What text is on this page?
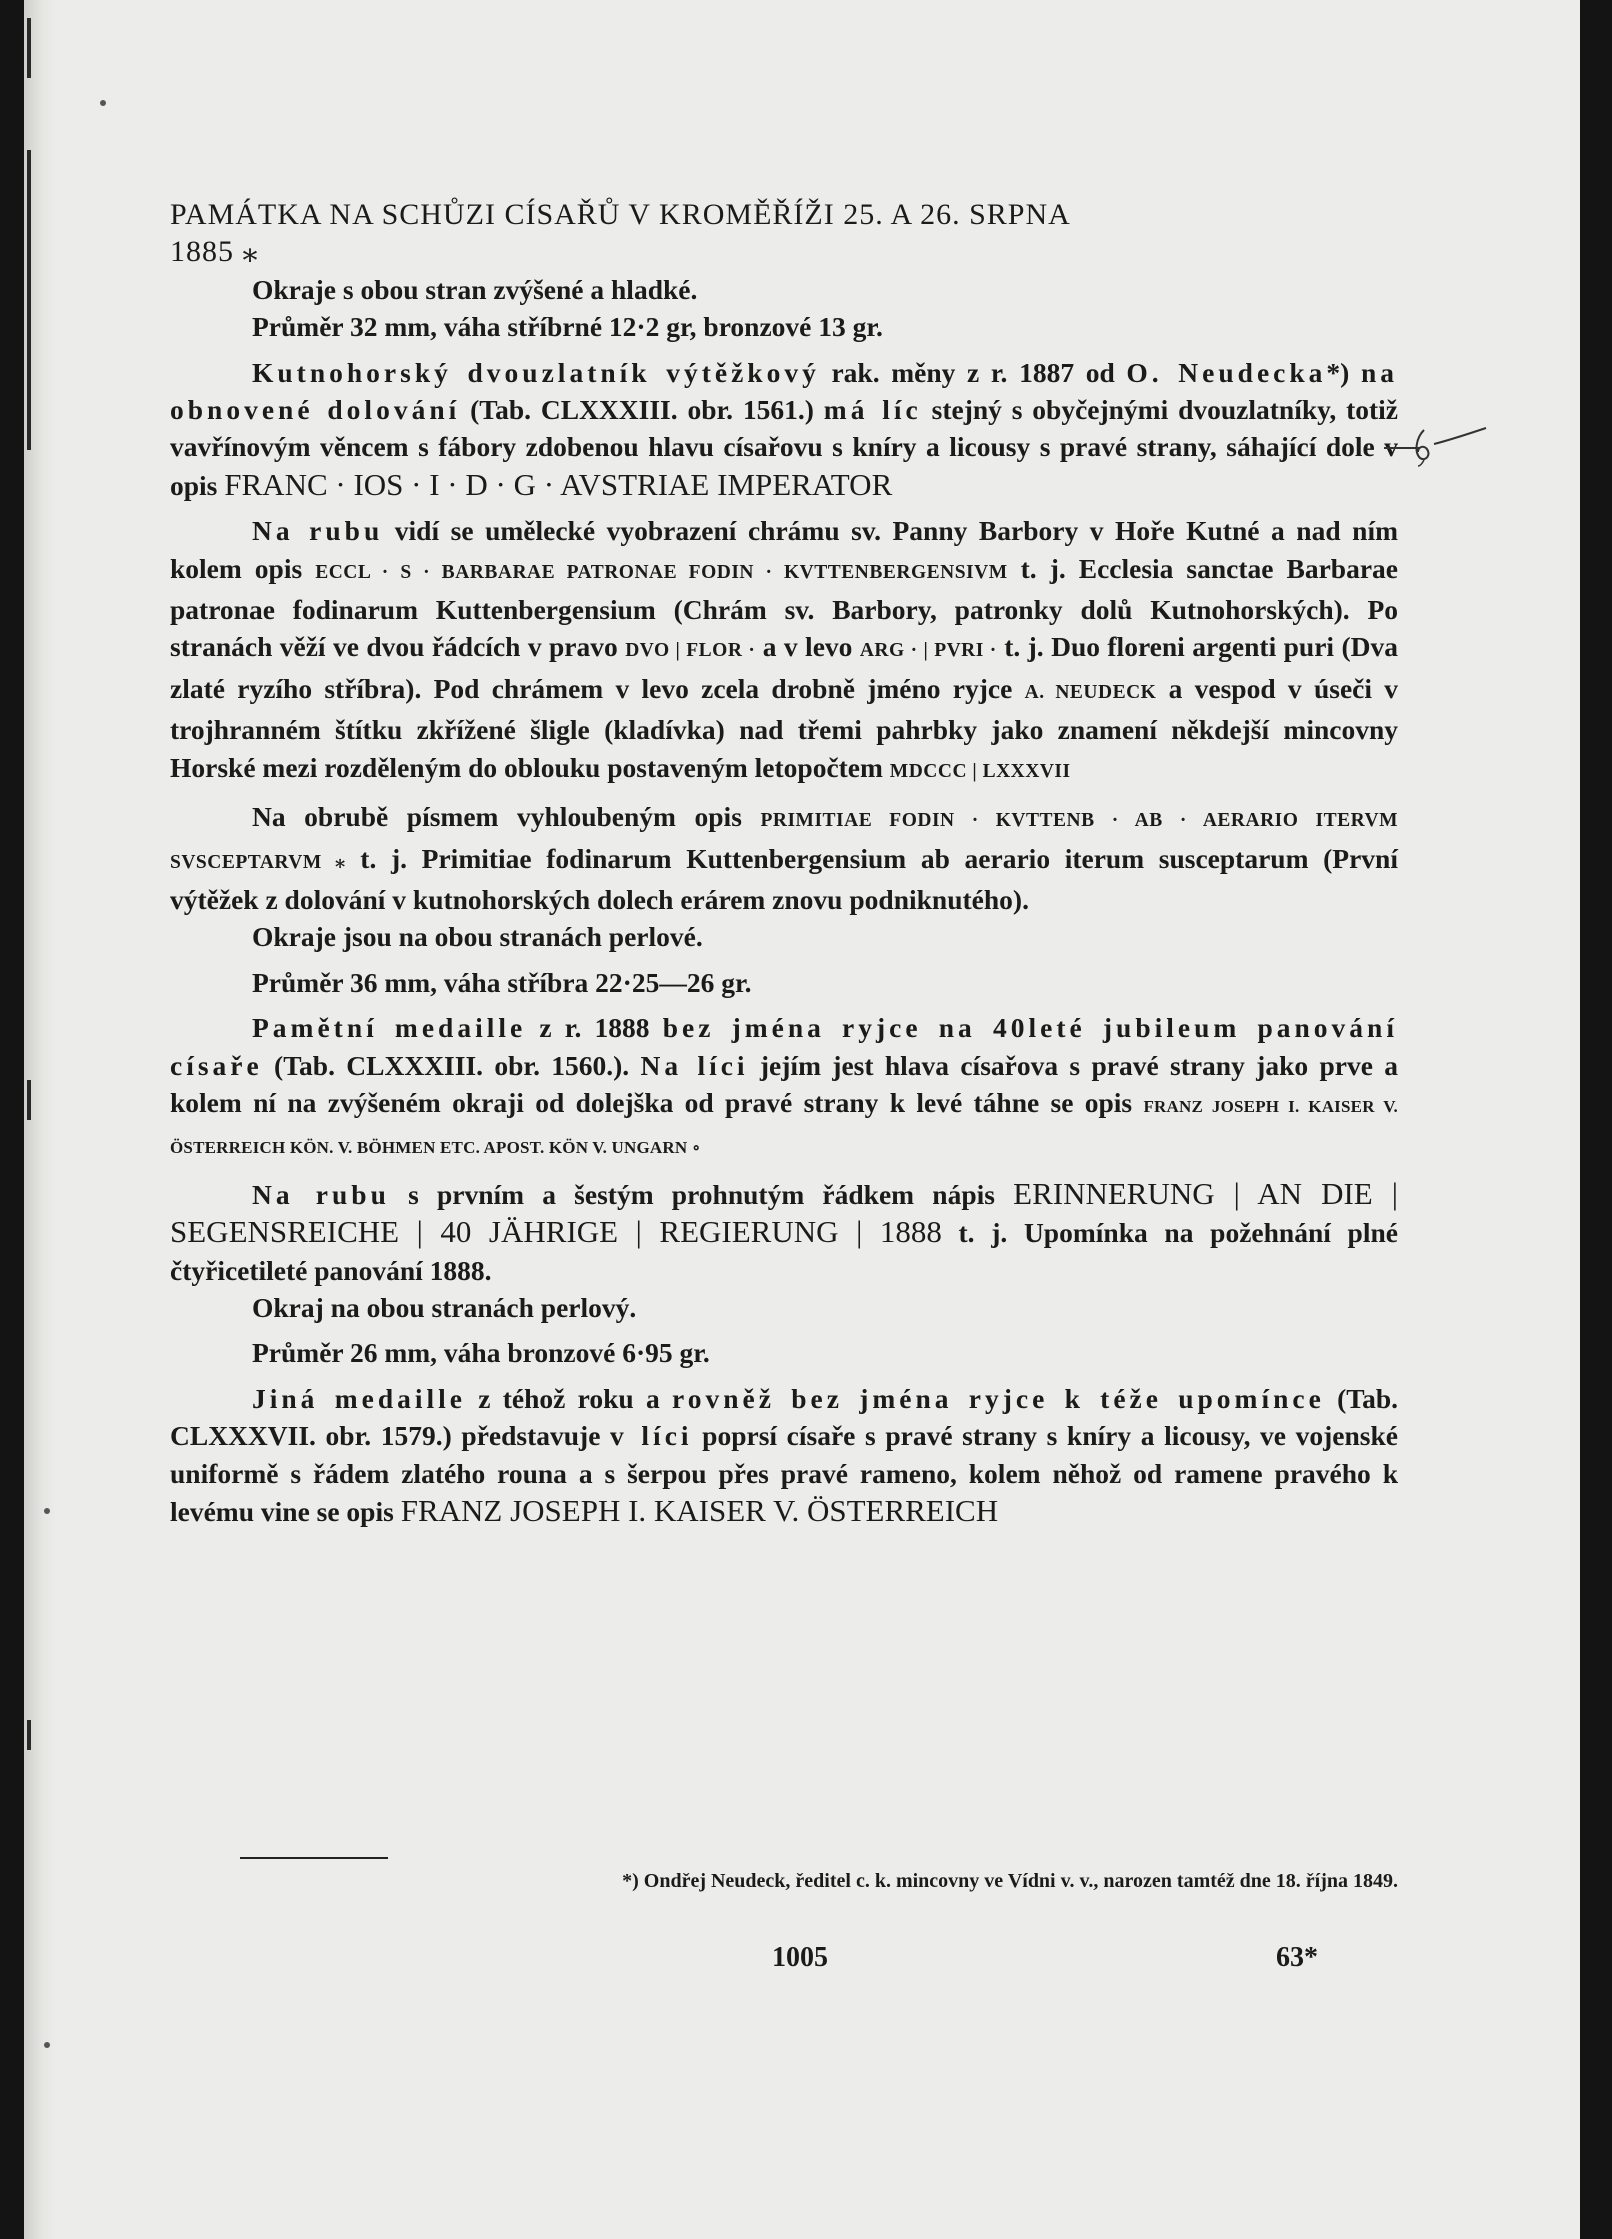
PAMÁTKA NA SCHŮZI CÍSAŘŮ V KROMĚŘÍŽI 25. A 26. SRPNA
1885 ⁎

Okraje s obou stran zvýšené a hladké.

Průměr 32 mm, váha stříbrné 12·2 gr, bronzové 13 gr.

Kutnohorský dvouzlatník výtěžkový rak. měny z r. 1887 od O. Neudecka*) na obnovené dolování (Tab. CLXXXIII. obr. 1561.) má líc stejný s obyčejnými dvouzlatníky, totiž vavřínovým věncem s fábory zdobenou hlavu císařovu s kníry a licousy s pravé strany, sáhající dole v opis FRANC · IOS · I · D · G · AVSTRIAE IMPERATOR

Na rubu vidí se umělecké vyobrazení chrámu sv. Panny Barbory v Hoře Kutné a nad ním kolem opis ECCL · S · BARBARAE PATRONAE FODIN · KVTTENBERGENSIVM t. j. Ecclesia sanctae Barbarae patronae fodinarum Kuttenbergensium (Chrám sv. Barbory, patronky dolů Kutnohorských). Po stranách věží ve dvou řádcích v pravo DVO | FLOR · a v levo ARG · | PVRI · t. j. Duo floreni argenti puri (Dva zlaté ryzího stříbra). Pod chrámem v levo zcela drobně jméno ryjce A. NEUDECK a vespod v úseči v trojhranném štítku zkřížené šligle (kladívka) nad třemi pahrbky jako znamení někdejší mincovny Horské mezi rozděleným do oblouku postaveným letopočtem MDCCC | LXXXVII

Na obrubě písmem vyhloubeným opis PRIMITIAE FODIN · KVTTENB · AB · AERARIO ITERVM SVSCEPTARVM ⁎ t. j. Primitiae fodinarum Kuttenbergensium ab aerario iterum susceptarum (První výtěžek z dolování v kutnohorských dolech erárem znovu podniknutého).

Okraje jsou na obou stranách perlové.

Průměr 36 mm, váha stříbra 22·25—26 gr.

Pamětní medaille z r. 1888 bez jména ryjce na 40leté jubileum panování císaře (Tab. CLXXXIII. obr. 1560.). Na líci jejím jest hlava císařova s pravé strany jako prve a kolem ní na zvýšeném okraji od dolejška od pravé strany k levé táhne se opis FRANZ JOSEPH I. KAISER V. ÖSTERREICH KÖN. V. BÖHMEN ETC. APOST. KÖN V. UNGARN ∘

Na rubu s prvním a šestým prohnutým řádkem nápis ERINNERUNG | AN DIE | SEGENSREICHE | 40 JÄHRIGE | REGIERUNG | 1888 t. j. Upomínka na požehnání plné čtyřicetileté panování 1888.

Okraj na obou stranách perlový.

Průměr 26 mm, váha bronzové 6·95 gr.

Jiná medaille z téhož roku a rovněž bez jména ryjce k téže upomínce (Tab. CLXXXVII. obr. 1579.) představuje v líci poprsí císaře s pravé strany s kníry a licousy, ve vojenské uniformě s řádem zlatého rouna a s šerpou přes pravé rameno, kolem něhož od ramene pravého k levému vine se opis FRANZ JOSEPH I. KAISER V. ÖSTERREICH

*) Ondřej Neudeck, ředitel c. k. mincovny ve Vídni v. v., narozen tamtéž dne 18. října 1849.
1005	63*
